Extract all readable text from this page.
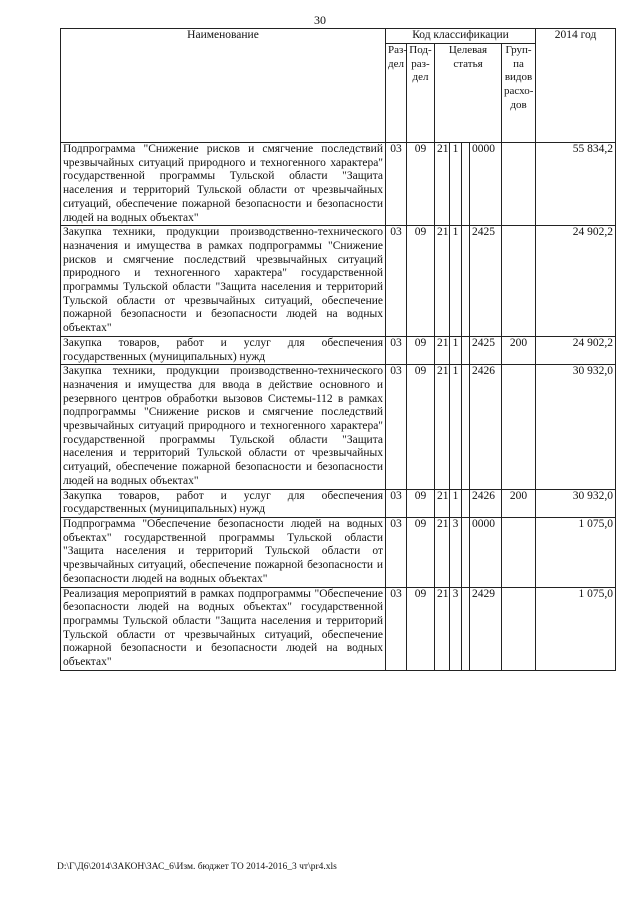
30
Наименование	Код классификации							2014 год
	Раз-дел	Под-раз-дел	Целевая статья				Груп-па видов расхо-дов	
Подпрограмма "Снижение рисков и смягчение последствий чрезвычайных ситуаций природного и техногенного характера" государственной программы Тульской области "Защита населения и территорий Тульской области от чрезвычайных ситуаций, обеспечение пожарной безопасности и безопасности людей на водных объектах"	03	09	21	1		0000		55 834,2
Закупка техники, продукции производственно-технического назначения и имущества в рамках подпрограммы "Снижение рисков и смягчение последствий чрезвычайных ситуаций природного и техногенного характера" государственной программы Тульской области "Защита населения и территорий Тульской области от чрезвычайных ситуаций, обеспечение пожарной безопасности и безопасности людей на водных объектах"	03	09	21	1		2425		24 902,2
Закупка товаров, работ и услуг для обеспечения государственных (муниципальных) нужд	03	09	21	1		2425	200	24 902,2
Закупка техники, продукции производственно-технического назначения и имущества для ввода в действие основного и резервного центров обработки вызовов Системы-112 в рамках подпрограммы "Снижение рисков и смягчение последствий чрезвычайных ситуаций природного и техногенного характера" государственной программы Тульской области "Защита населения и территорий Тульской области от чрезвычайных ситуаций, обеспечение пожарной безопасности и безопасности людей на водных объектах"	03	09	21	1		2426		30 932,0
Закупка товаров, работ и услуг для обеспечения государственных (муниципальных) нужд	03	09	21	1		2426	200	30 932,0
Подпрограмма "Обеспечение безопасности людей на водных объектах" государственной программы Тульской области "Защита населения и территорий Тульской области от чрезвычайных ситуаций, обеспечение пожарной безопасности и безопасности людей на водных объектах"	03	09	21	3		0000		1 075,0
Реализация мероприятий в рамках подпрограммы "Обеспечение безопасности людей на водных объектах" государственной программы Тульской области "Защита населения и территорий Тульской области от чрезвычайных ситуаций, обеспечение пожарной безопасности и безопасности людей на водных объектах"	03	09	21	3		2429		1 075,0
D:\Г\Д6\2014\ЗАКОН\ЗАС_6\Изм. бюджет ТО 2014-2016_3 чт\pr4.xls
